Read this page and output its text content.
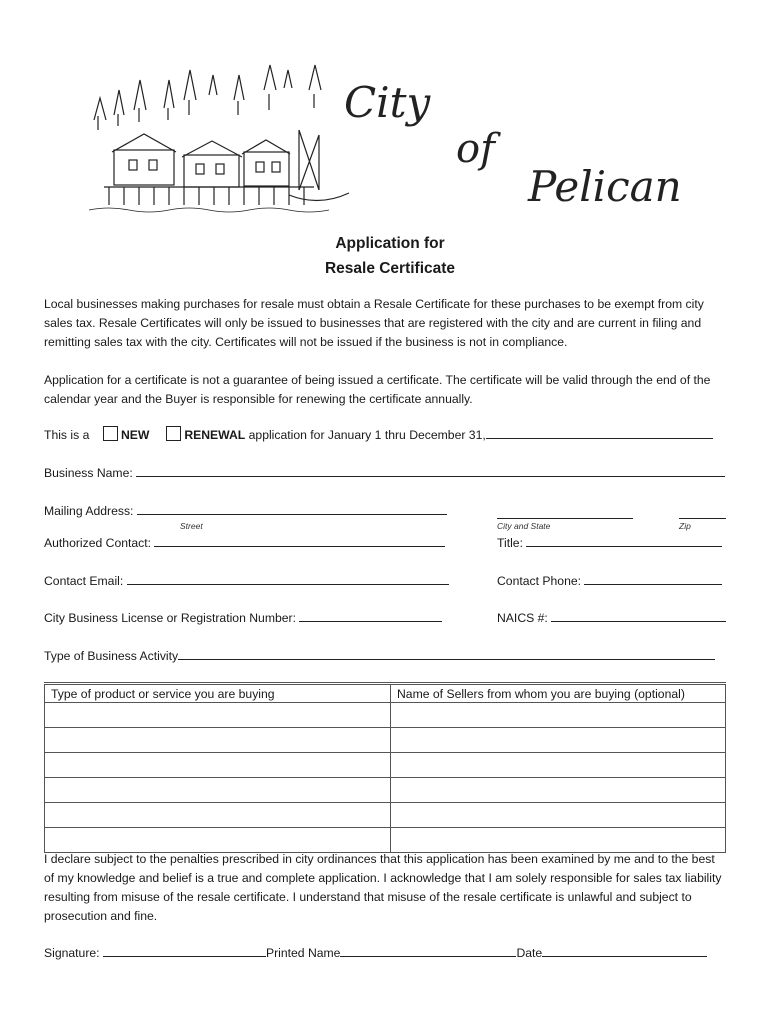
City
of
Pelican
Application for
Resale Certificate
Local businesses making purchases for resale must obtain a Resale Certificate for these purchases to be exempt from city sales tax. Resale Certificates will only be issued to businesses that are registered with the city and are current in filing and remitting sales tax with the city. Certificates will not be issued if the business is not in compliance.
Application for a certificate is not a guarantee of being issued a certificate. The certificate will be valid through the end of the calendar year and the Buyer is responsible for renewing the certificate annually.
This is a	NEW	RENEWAL application for January 1 thru December 31,
Business Name:
Mailing Address:
Street	City and State	Zip
Authorized Contact:	Title:
Contact Email:	Contact Phone:
City Business License or Registration Number:	NAICS #:
Type of Business Activity
Type of product or service you are buying	Name of Sellers from whom you are buying (optional)

I declare subject to the penalties prescribed in city ordinances that this application has been examined by me and to the best of my knowledge and belief is a true and complete application. I acknowledge that I am solely responsible for sales tax liability resulting from misuse of the resale certificate. I understand that misuse of the resale certificate is unlawful and subject to prosecution and fine.
Signature:	Printed Name	Date
